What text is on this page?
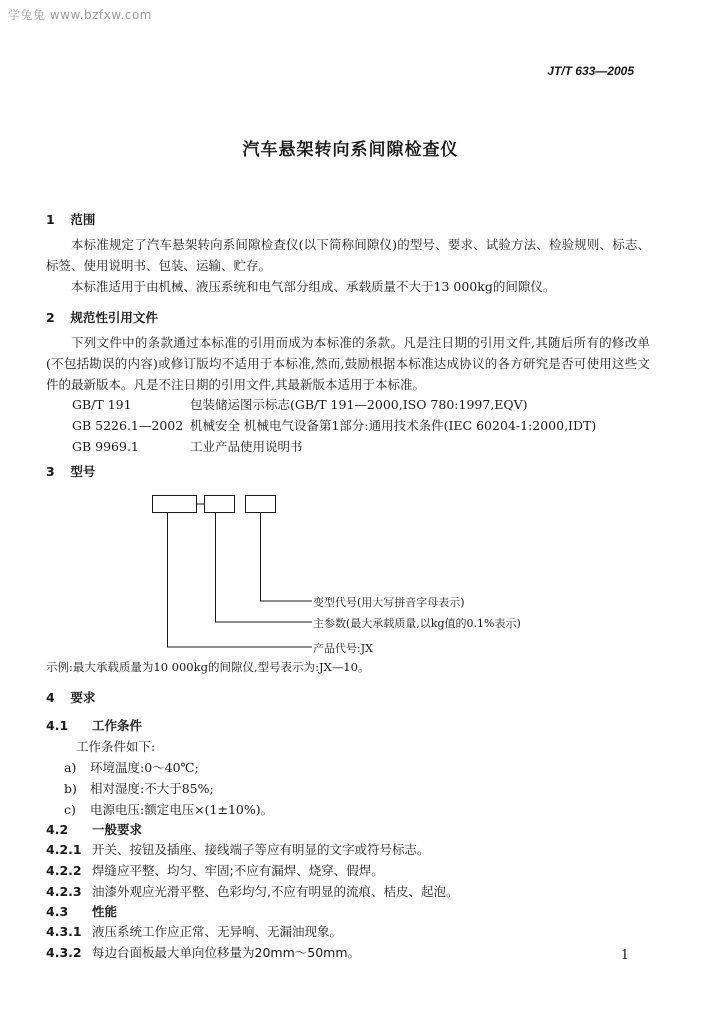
学兔兔 www.bzfxw.com
JT/T 633—2005
汽车悬架转向系间隙检查仪
1 范围
本标准规定了汽车悬架转向系间隙检查仪(以下简称间隙仪)的型号、要求、试验方法、检验规则、标志、标签、使用说明书、包装、运输、贮存。
本标准适用于由机械、液压系统和电气部分组成、承载质量不大于13 000kg的间隙仪。
2 规范性引用文件
下列文件中的条款通过本标准的引用而成为本标准的条款。凡是注日期的引用文件,其随后所有的修改单(不包括勘误的内容)或修订版均不适用于本标准,然而,鼓励根据本标准达成协议的各方研究是否可使用这些文件的最新版本。凡是不注日期的引用文件,其最新版本适用于本标准。
GB/T 191	包装储运图示标志(GB/T 191—2000,ISO 780:1997,EQV)
GB 5226.1—2002 机械安全 机械电气设备第1部分:通用技术条件(IEC 60204-1:2000,IDT)
GB 9969.1	工业产品使用说明书
3 型号
变型代号(用大写拼音字母表示)
主参数(最大承载质量,以kg值的0.1%表示)
产品代号:JX
示例:最大承载质量为10 000kg的间隙仪,型号表示为:JX—10。
4 要求
4.1 工作条件
工作条件如下:
a) 环境温度:0～40℃;
b) 相对湿度:不大于85%;
c) 电源电压:额定电压×(1±10%)。
4.2 一般要求
4.2.1 开关、按钮及插座、接线端子等应有明显的文字或符号标志。
4.2.2 焊缝应平整、均匀、牢固;不应有漏焊、烧穿、假焊。
4.2.3 油漆外观应光滑平整、色彩均匀,不应有明显的流痕、桔皮、起泡。
4.3 性能
4.3.1 液压系统工作应正常、无异响、无漏油现象。
4.3.2 每边台面板最大单向位移量为20mm～50mm。	1
